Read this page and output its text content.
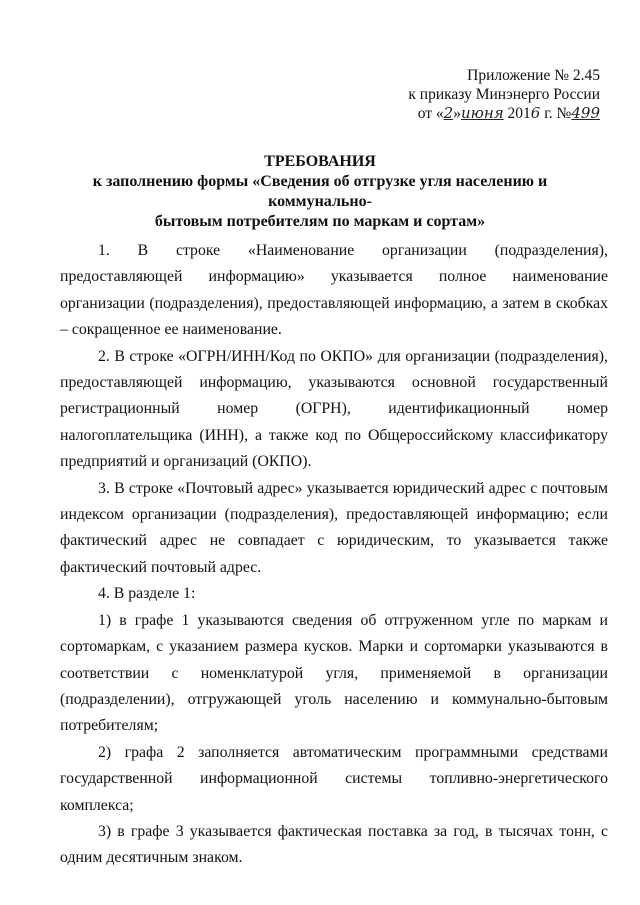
Приложение № 2.45
к приказу Минэнерго России
от «2»июня 2016 г. №499
ТРЕБОВАНИЯ
к заполнению формы «Сведения об отгрузке угля населению и коммунально-
бытовым потребителям по маркам и сортам»

1. В строке «Наименование организации (подразделения), предоставляющей информацию» указывается полное наименование организации (подразделения), предоставляющей информацию, а затем в скобках – сокращенное ее наименование.

2. В строке «ОГРН/ИНН/Код по ОКПО» для организации (подразделения), предоставляющей информацию, указываются основной государственный регистрационный номер (ОГРН), идентификационный номер налогоплательщика (ИНН), а также код по Общероссийскому классификатору предприятий и организаций (ОКПО).

3. В строке «Почтовый адрес» указывается юридический адрес с почтовым индексом организации (подразделения), предоставляющей информацию; если фактический адрес не совпадает с юридическим, то указывается также фактический почтовый адрес.

4. В разделе 1:

1) в графе 1 указываются сведения об отгруженном угле по маркам и сортомаркам, с указанием размера кусков. Марки и сортомарки указываются в соответствии с номенклатурой угля, применяемой в организации (подразделении), отгружающей уголь населению и коммунально-бытовым потребителям;

2) графа 2 заполняется автоматическим программными средствами государственной информационной системы топливно-энергетического комплекса;

3) в графе 3 указывается фактическая поставка за год, в тысячах тонн, с одним десятичным знаком.
